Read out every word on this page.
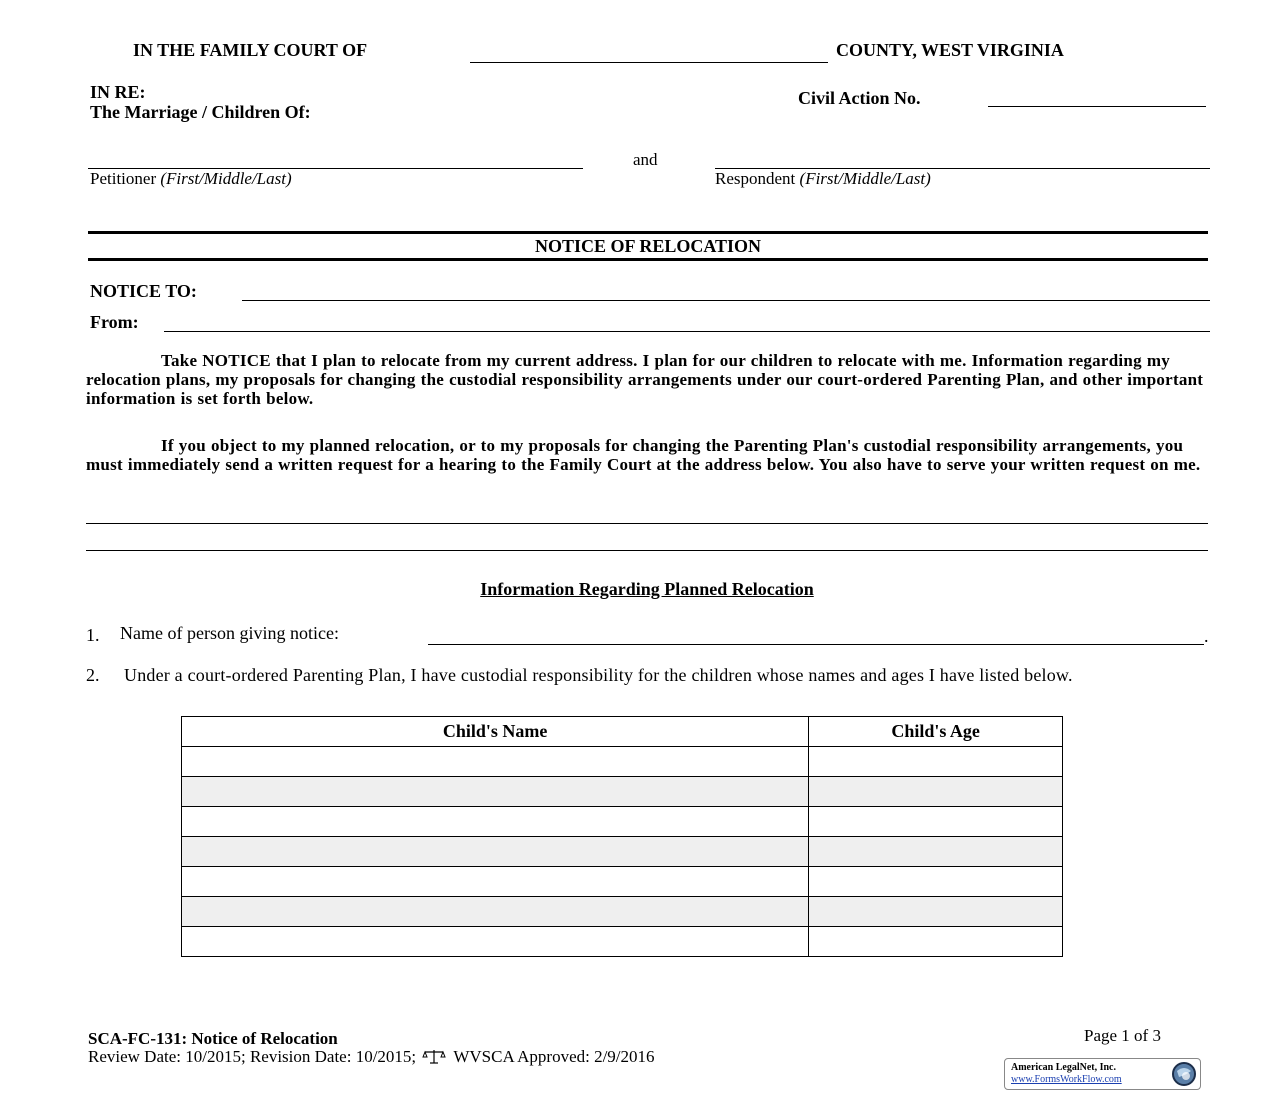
IN THE FAMILY COURT OF	COUNTY, WEST VIRGINIA
IN RE:
The Marriage / Children Of:
Civil Action No.
and
Petitioner (First/Middle/Last)	Respondent (First/Middle/Last)
NOTICE OF RELOCATION
NOTICE TO:
From:
Take NOTICE that I plan to relocate from my current address. I plan for our children to relocate with me. Information regarding my relocation plans, my proposals for changing the custodial responsibility arrangements under our court-ordered Parenting Plan, and other important information is set forth below.
If you object to my planned relocation, or to my proposals for changing the Parenting Plan's custodial responsibility arrangements, you must immediately send a written request for a hearing to the Family Court at the address below. You also have to serve your written request on me.
Information Regarding Planned Relocation
1. Name of person giving notice:	.
2. Under a court-ordered Parenting Plan, I have custodial responsibility for the children whose names and ages I have listed below.
Child's Name	Child's Age

SCA-FC-131: Notice of Relocation	Page 1 of 3
Review Date: 10/2015; Revision Date: 10/2015; WVSCA Approved: 2/9/2016
American LegalNet, Inc.
www.FormsWorkFlow.com
